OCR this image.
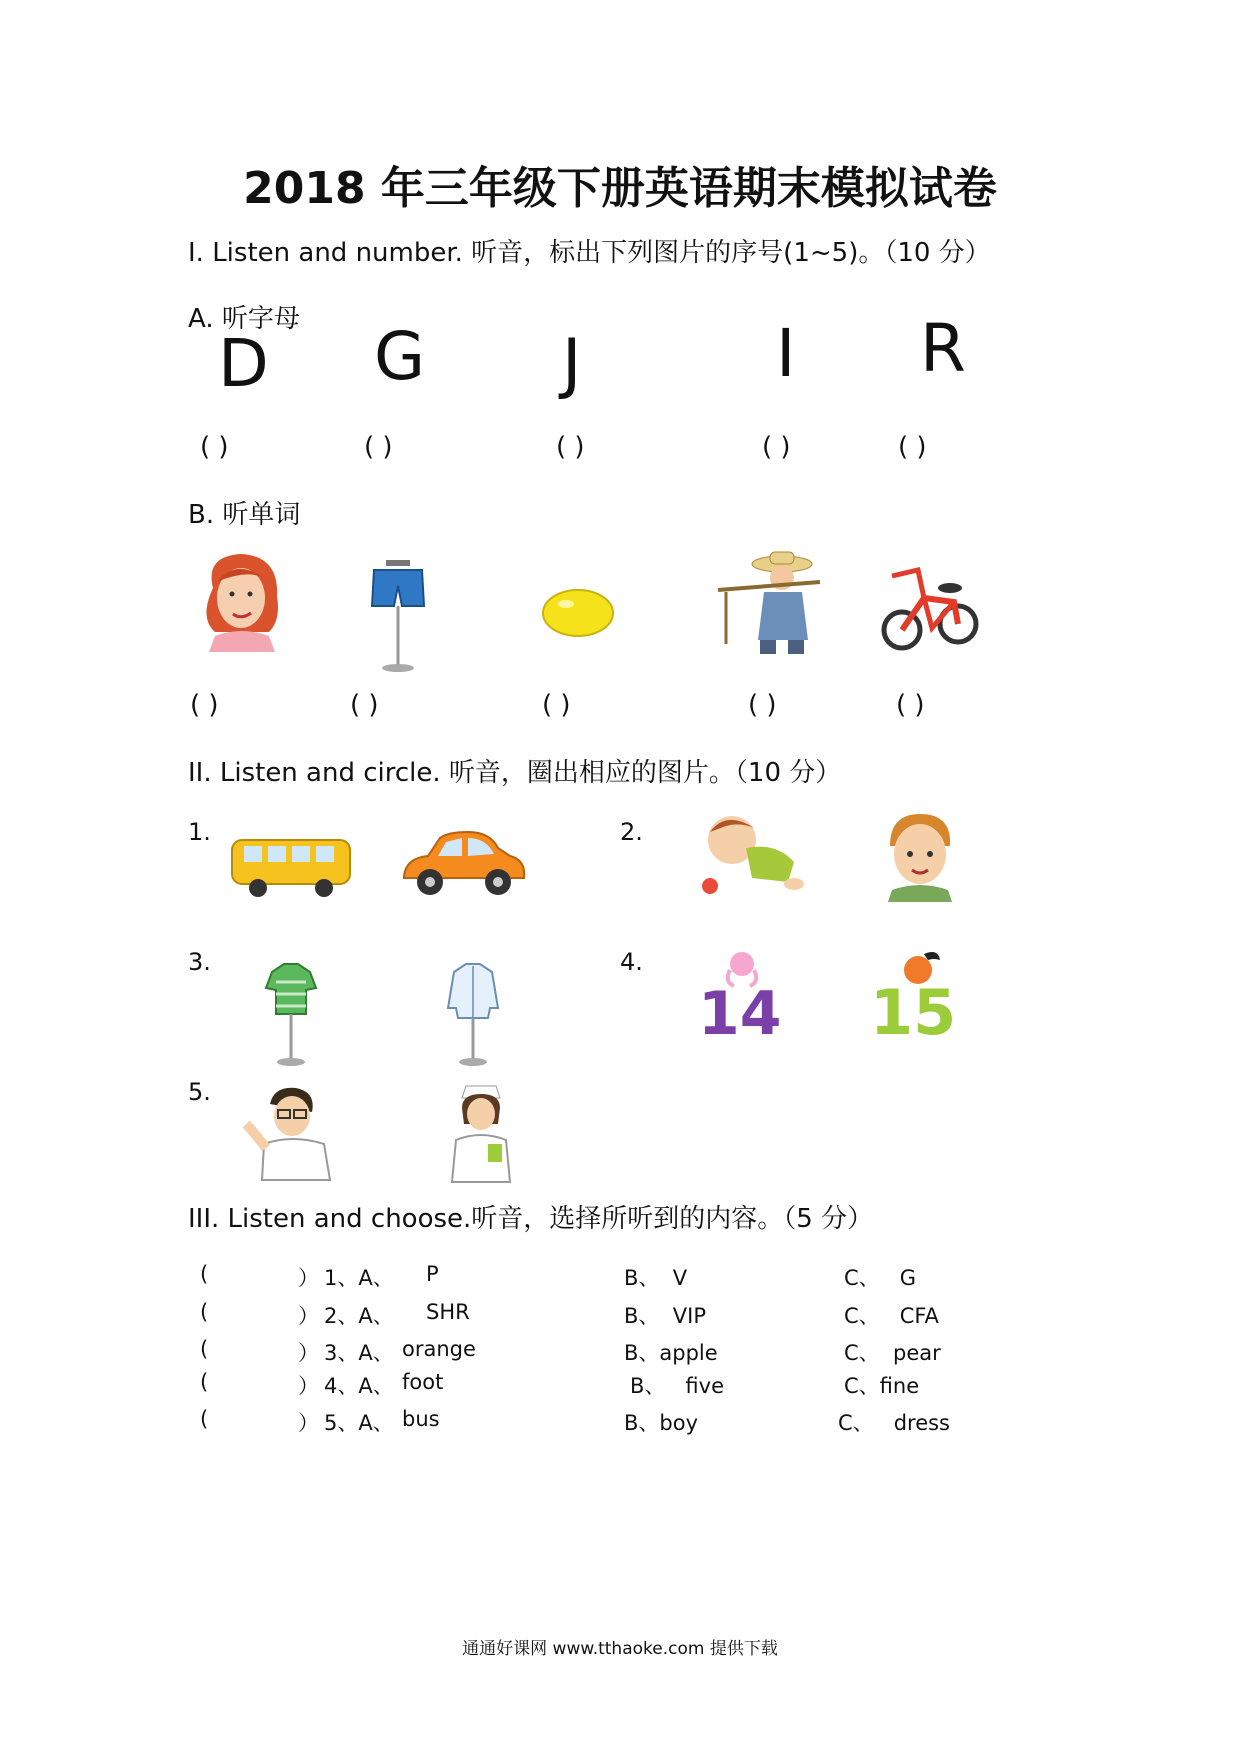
2018 年三年级下册英语期末模拟试卷
I. Listen and number. 听音，标出下列图片的序号(1~5)。（10 分）
A. 听字母
D G J	I R
( )	( )	( )	( )	( )
B. 听单词
( )	( )	( )	( )	( )
II. Listen and circle. 听音，圈出相应的图片。（10 分）
1.	2.
3.	4.
14 15
5.
III. Listen and choose.听音，选择所听到的内容。（5 分）
(	） 1、A、 P	B、  V	C、   G
(	） 2、A、 SHR	B、  VIP	C、   CFA
(	） 3、A、 orange	B、apple	C、  pear
(	） 4、A、 foot	B、   five	C、fine
(	） 5、A、 bus	B、boy	C、   dress
通通好课网 www.tthaoke.com 提供下载
